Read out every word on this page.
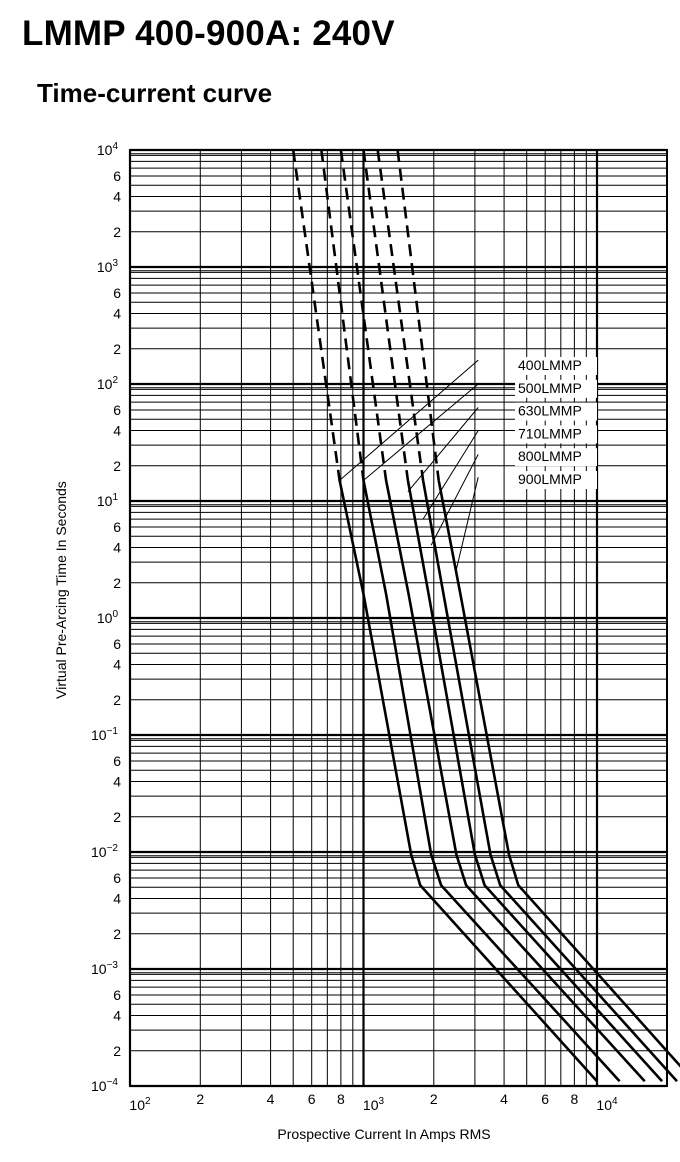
LMMP 400-900A: 240V
Time-current curve
$10^4$
$10^3$
$10^2$
$10^1$
$10^0$
$10^{-1}$
$10^{-2}$
$10^{-3}$
$10^{-4}$
2
4
6
2
4
6
2
4
6
2
4
6
2
4
6
2
4
6
2
4
6
2
4
6
$10^2$	$10^3$	$10^4$
2	4 6 8	2	4 6 8
400LMMP
500LMMP
630LMMP
710LMMP
800LMMP
900LMMP
Prospective Current In Amps RMS
Virtual Pre-Arcing Time In Seconds
